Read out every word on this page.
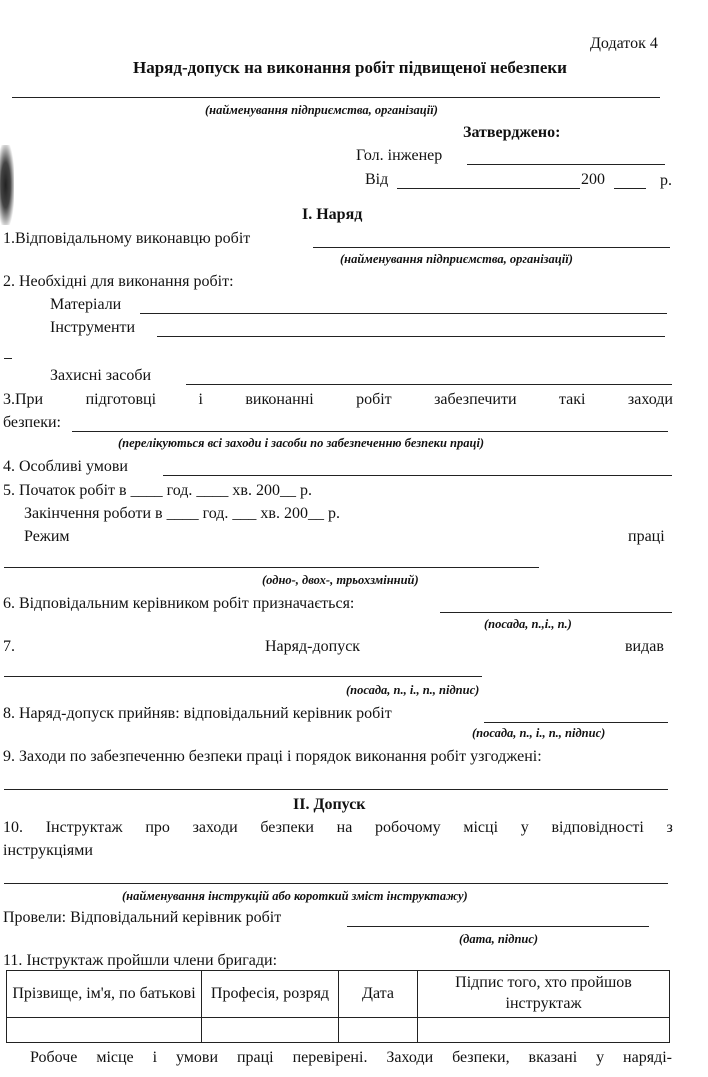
Додаток 4
Наряд-допуск на виконання робіт підвищеної небезпеки
(найменування підприємства, організації)
Затверджено:
Гол. інженер
Від	200	р.
І. Наряд
1.Відповідальному виконавцю робіт
(найменування підприємства, організації)
2. Необхідні для виконання робіт:
Матеріали
Інструменти
Захисні засоби
3.При	підготовці	і	виконанні	робіт	забезпечити	такі	заходи
безпеки:
(перелікуються всі заходи і засоби по забезпеченню безпеки праці)
4. Особливі умови
5. Початок робіт в ____ год. ____ хв. 200__ р.
Закінчення роботи в ____ год. ___ хв. 200__ р.
Режим	праці
(одно-, двох-, трьохзмінний)
6. Відповідальним керівником робіт призначається:
(посада, п.,і., п.)
7.	Наряд-допуск	видав
(посада, п., і., п., підпис)
8. Наряд-допуск прийняв: відповідальний керівник робіт
(посада, п., і., п., підпис)
9. Заходи по забезпеченню безпеки праці і порядок виконання робіт узгоджені:
ІІ. Допуск
10. Інструктаж про заходи безпеки на робочому місці у відповідності з
інструкціями
(найменування інструкцій або короткий зміст інструктажу)
Провели: Відповідальний керівник робіт
(дата, підпис)
11. Інструктаж пройшли члени бригади:
Прізвище, ім'я, по батькові	Професія, розряд	Дата	Підпис того, хто пройшов інструктаж

Робоче місце і умови праці перевірені. Заходи безпеки, вказані у наряді-
